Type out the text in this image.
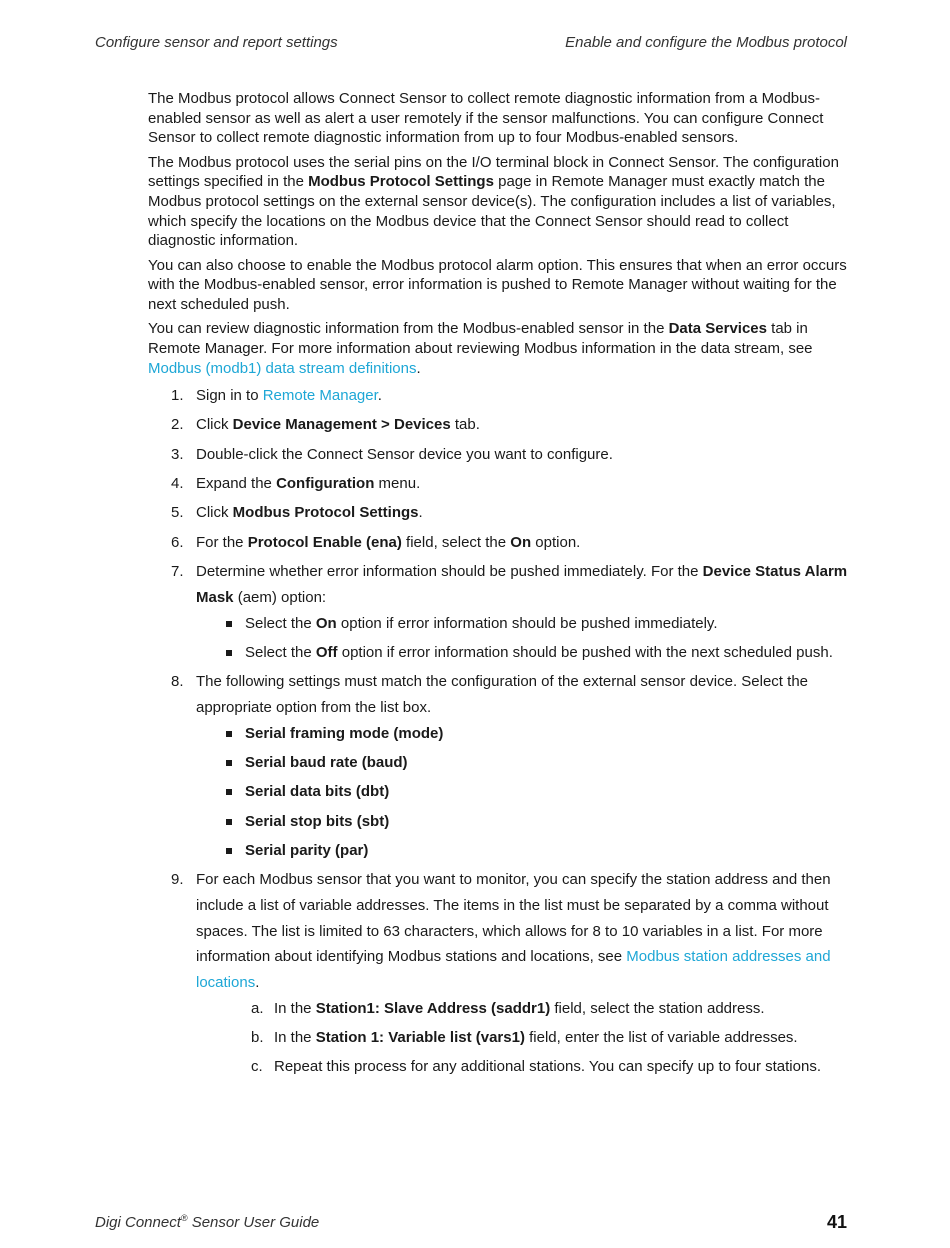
Configure sensor and report settings	Enable and configure the Modbus protocol

The Modbus protocol allows Connect Sensor to collect remote diagnostic information from a Modbus-enabled sensor as well as alert a user remotely if the sensor malfunctions. You can configure Connect Sensor to collect remote diagnostic information from up to four Modbus-enabled sensors.

The Modbus protocol uses the serial pins on the I/O terminal block in Connect Sensor. The configuration settings specified in the Modbus Protocol Settings page in Remote Manager must exactly match the Modbus protocol settings on the external sensor device(s). The configuration includes a list of variables, which specify the locations on the Modbus device that the Connect Sensor should read to collect diagnostic information.

You can also choose to enable the Modbus protocol alarm option. This ensures that when an error occurs with the Modbus-enabled sensor, error information is pushed to Remote Manager without waiting for the next scheduled push.

You can review diagnostic information from the Modbus-enabled sensor in the Data Services tab in Remote Manager. For more information about reviewing Modbus information in the data stream, see Modbus (modb1) data stream definitions.

1. Sign in to Remote Manager.
2. Click Device Management > Devices tab.
3. Double-click the Connect Sensor device you want to configure.
4. Expand the Configuration menu.
5. Click Modbus Protocol Settings.
6. For the Protocol Enable (ena) field, select the On option.
7. Determine whether error information should be pushed immediately. For the Device Status Alarm Mask (aem) option:
Select the On option if error information should be pushed immediately.
Select the Off option if error information should be pushed with the next scheduled push.
8. The following settings must match the configuration of the external sensor device. Select the appropriate option from the list box.
Serial framing mode (mode)
Serial baud rate (baud)
Serial data bits (dbt)
Serial stop bits (sbt)
Serial parity (par)
9. For each Modbus sensor that you want to monitor, you can specify the station address and then include a list of variable addresses. The items in the list must be separated by a comma without spaces. The list is limited to 63 characters, which allows for 8 to 10 variables in a list. For more information about identifying Modbus stations and locations, see Modbus station addresses and locations.
a. In the Station1: Slave Address (saddr1) field, select the station address.
b. In the Station 1: Variable list (vars1) field, enter the list of variable addresses.
c. Repeat this process for any additional stations. You can specify up to four stations.
Digi Connect® Sensor User Guide	41
